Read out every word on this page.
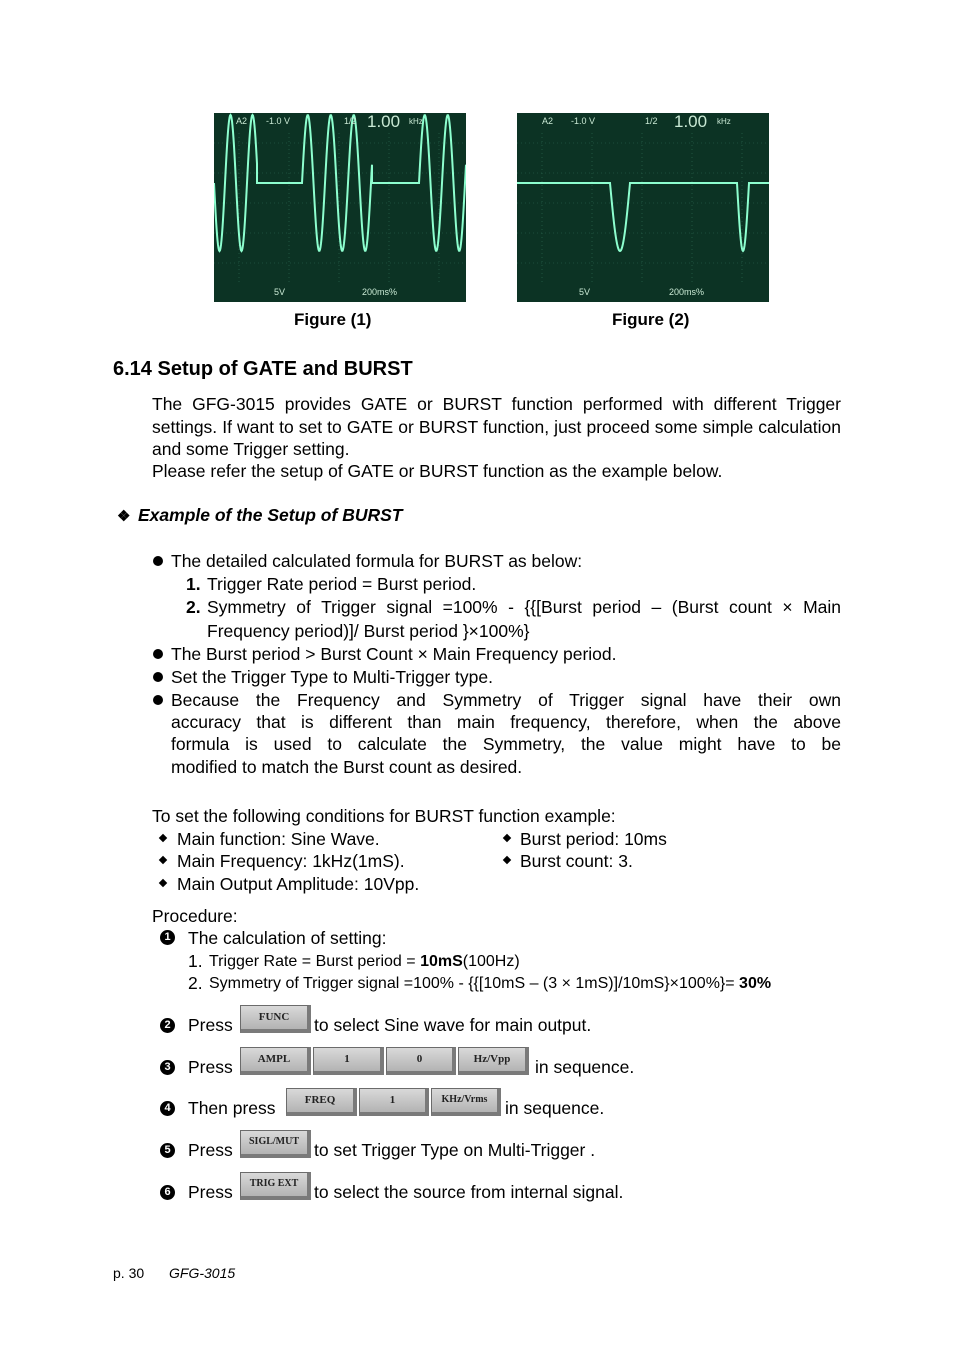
A2 -1.0 V	1/2 1.00 kHz
5V	200ms%
Figure (1)
A2 -1.0 V	1/2 1.00 kHz
5V	200ms%
Figure (2)
6.14 Setup of GATE and BURST
The GFG-3015 provides GATE or BURST function performed with different Trigger settings. If want to set to GATE or BURST function, just proceed some simple calculation and some Trigger setting.
Please refer the setup of GATE or BURST function as the example below.
❖ Example of the Setup of BURST
The detailed calculated formula for BURST as below:
1. Trigger Rate period = Burst period.
2. Symmetry of Trigger signal =100% - {{[Burst period – (Burst count × Main
Frequency period)]/ Burst period }×100%}
The Burst period > Burst Count × Main Frequency period.
Set the Trigger Type to Multi-Trigger type.
Because the Frequency and Symmetry of Trigger signal have their own
accuracy that is different than main frequency, therefore, when the above
formula is used to calculate the Symmetry, the value might have to be
modified to match the Burst count as desired.
To set the following conditions for BURST function example:
Main function: Sine Wave.
Main Frequency: 1kHz(1mS).
Main Output Amplitude: 10Vpp.
Burst period: 10ms
Burst count: 3.
Procedure:
1 The calculation of setting:
1. Trigger Rate = Burst period = 10mS(100Hz)
2. Symmetry of Trigger signal =100% - {{[10mS – (3 × 1mS)]/10mS}×100%}= 30%
2 Press	FUNC	to select Sine wave for main output.
3 Press	AMPL	1	0	Hz/Vpp	in sequence.
4 Then press	FREQ	1	KHz/Vrms	in sequence.
5 Press	SIGL/MUT to set Trigger Type on Multi-Trigger .
6 Press	TRIG EXT to select the source from internal signal.
p. 30 GFG-3015
